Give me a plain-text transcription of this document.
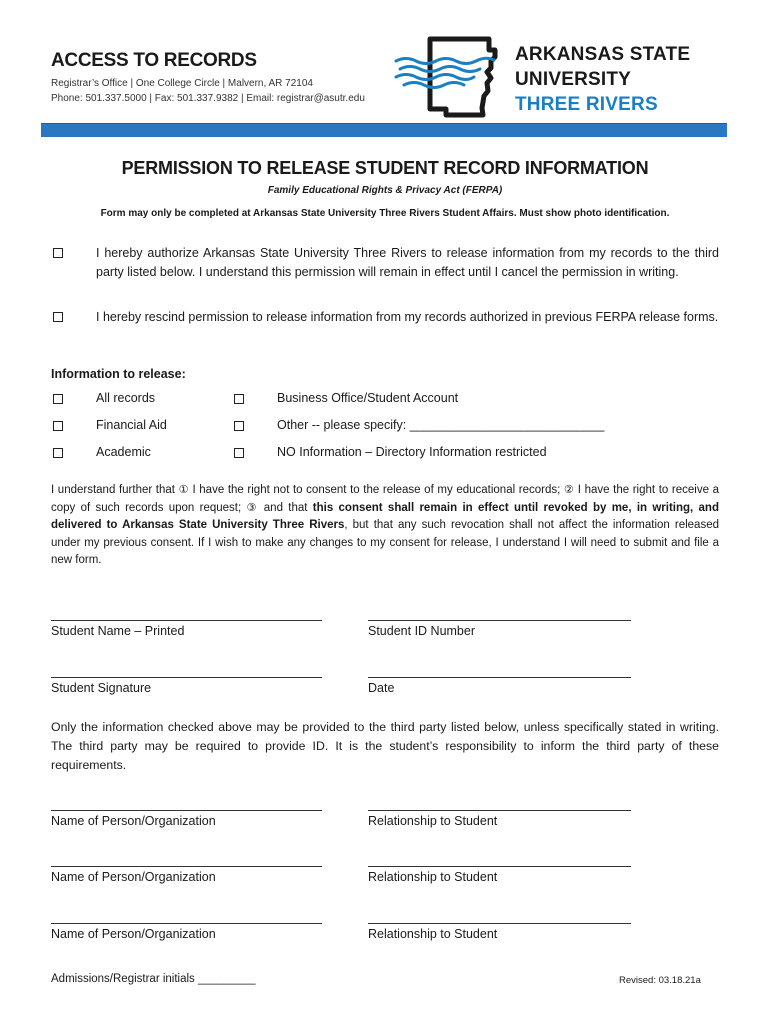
ACCESS TO RECORDS
Registrar’s Office | One College Circle | Malvern, AR 72104
Phone: 501.337.5000 | Fax: 501.337.9382 | Email: registrar@asutr.edu
ARKANSAS STATE
UNIVERSITY
THREE RIVERS
PERMISSION TO RELEASE STUDENT RECORD INFORMATION
Family Educational Rights & Privacy Act (FERPA)
Form may only be completed at Arkansas State University Three Rivers Student Affairs. Must show photo identification.
I hereby authorize Arkansas State University Three Rivers to release information from my records to the third party listed below. I understand this permission will remain in effect until I cancel the permission in writing.
I hereby rescind permission to release information from my records authorized in previous FERPA release forms.
Information to release:
All records	Business Office/Student Account
Financial Aid	Other -- please specify: ____________________________
Academic	NO Information – Directory Information restricted
I understand further that ① I have the right not to consent to the release of my educational records; ② I have the right to receive a copy of such records upon request; ③ and that this consent shall remain in effect until revoked by me, in writing, and delivered to Arkansas State University Three Rivers, but that any such revocation shall not affect the information released under my previous consent. If I wish to make any changes to my consent for release, I understand I will need to submit and file a new form.
Student Name – Printed	Student ID Number
Student Signature	Date
Only the information checked above may be provided to the third party listed below, unless specifically stated in writing. The third party may be required to provide ID. It is the student’s responsibility to inform the third party of these requirements.
Name of Person/Organization	Relationship to Student
Name of Person/Organization	Relationship to Student
Name of Person/Organization	Relationship to Student
Admissions/Registrar initials _________	Revised: 03.18.21a
